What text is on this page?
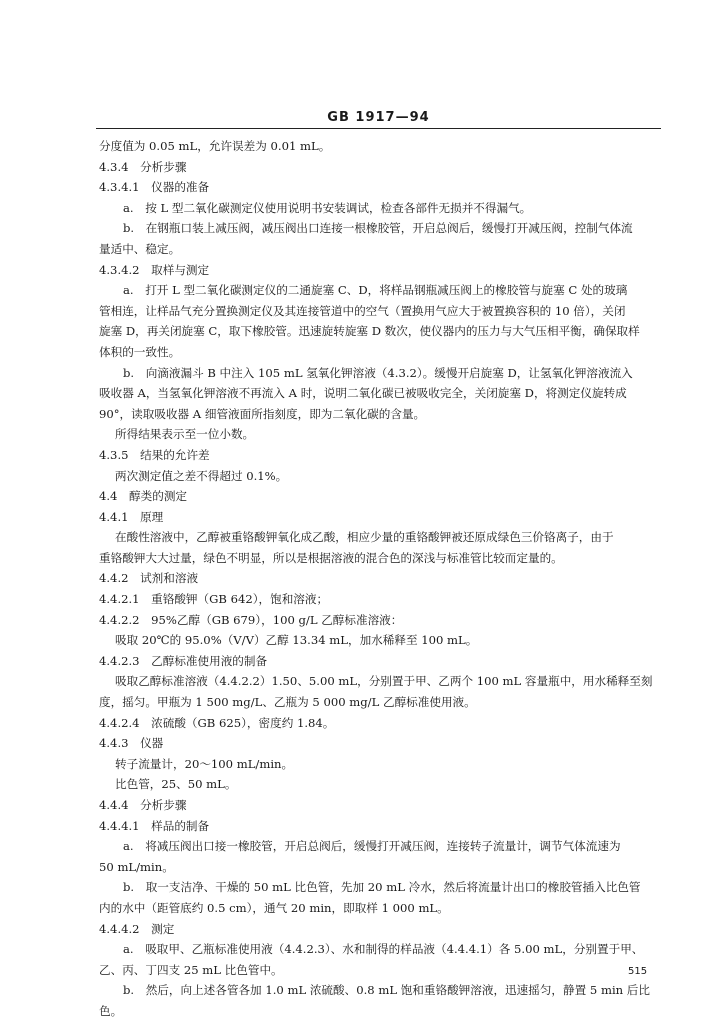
GB 1917—94

分度值为 0.05 mL，允许误差为 0.01 mL。

4.3.4　分析步骤

4.3.4.1　仪器的准备

a.　按 L 型二氧化碳测定仪使用说明书安装调试，检查各部件无损并不得漏气。

b.　在钢瓶口装上减压阀，减压阀出口连接一根橡胶管，开启总阀后，缓慢打开减压阀，控制气体流

量适中、稳定。

4.3.4.2　取样与测定

a.　打开 L 型二氧化碳测定仪的二通旋塞 C、D，将样品钢瓶减压阀上的橡胶管与旋塞 C 处的玻璃

管相连，让样品气充分置换测定仪及其连接管道中的空气（置换用气应大于被置换容积的 10 倍），关闭

旋塞 D，再关闭旋塞 C，取下橡胶管。迅速旋转旋塞 D 数次，使仪器内的压力与大气压相平衡，确保取样

体积的一致性。

b.　向滴液漏斗 B 中注入 105 mL 氢氧化钾溶液（4.3.2）。缓慢开启旋塞 D，让氢氧化钾溶液流入

吸收器 A，当氢氧化钾溶液不再流入 A 时，说明二氧化碳已被吸收完全，关闭旋塞 D，将测定仪旋转成

90°，读取吸收器 A 细管液面所指刻度，即为二氧化碳的含量。

所得结果表示至一位小数。

4.3.5　结果的允许差

两次测定值之差不得超过 0.1%。

4.4　醇类的测定

4.4.1　原理

在酸性溶液中，乙醇被重铬酸钾氧化成乙酸，相应少量的重铬酸钾被还原成绿色三价铬离子，由于

重铬酸钾大大过量，绿色不明显，所以是根据溶液的混合色的深浅与标准管比较而定量的。

4.4.2　试剂和溶液

4.4.2.1　重铬酸钾（GB 642），饱和溶液；

4.4.2.2　95%乙醇（GB 679），100 g/L 乙醇标准溶液：

吸取 20℃的 95.0%（V/V）乙醇 13.34 mL，加水稀释至 100 mL。

4.4.2.3　乙醇标准使用液的制备

吸取乙醇标准溶液（4.4.2.2）1.50、5.00 mL，分别置于甲、乙两个 100 mL 容量瓶中，用水稀释至刻

度，摇匀。甲瓶为 1 500 mg/L、乙瓶为 5 000 mg/L 乙醇标准使用液。

4.4.2.4　浓硫酸（GB 625），密度约 1.84。

4.4.3　仪器

转子流量计，20～100 mL/min。

比色管，25、50 mL。

4.4.4　分析步骤

4.4.4.1　样品的制备

a.　将减压阀出口接一橡胶管，开启总阀后，缓慢打开减压阀，连接转子流量计，调节气体流速为

50 mL/min。

b.　取一支洁净、干燥的 50 mL 比色管，先加 20 mL 冷水，然后将流量计出口的橡胶管插入比色管

内的水中（距管底约 0.5 cm），通气 20 min，即取样 1 000 mL。

4.4.4.2　测定

a.　吸取甲、乙瓶标准使用液（4.4.2.3）、水和制得的样品液（4.4.4.1）各 5.00 mL，分别置于甲、

乙、丙、丁四支 25 mL 比色管中。

b.　然后，向上述各管各加 1.0 mL 浓硫酸、0.8 mL 饱和重铬酸钾溶液，迅速摇匀，静置 5 min 后比

色。

515
